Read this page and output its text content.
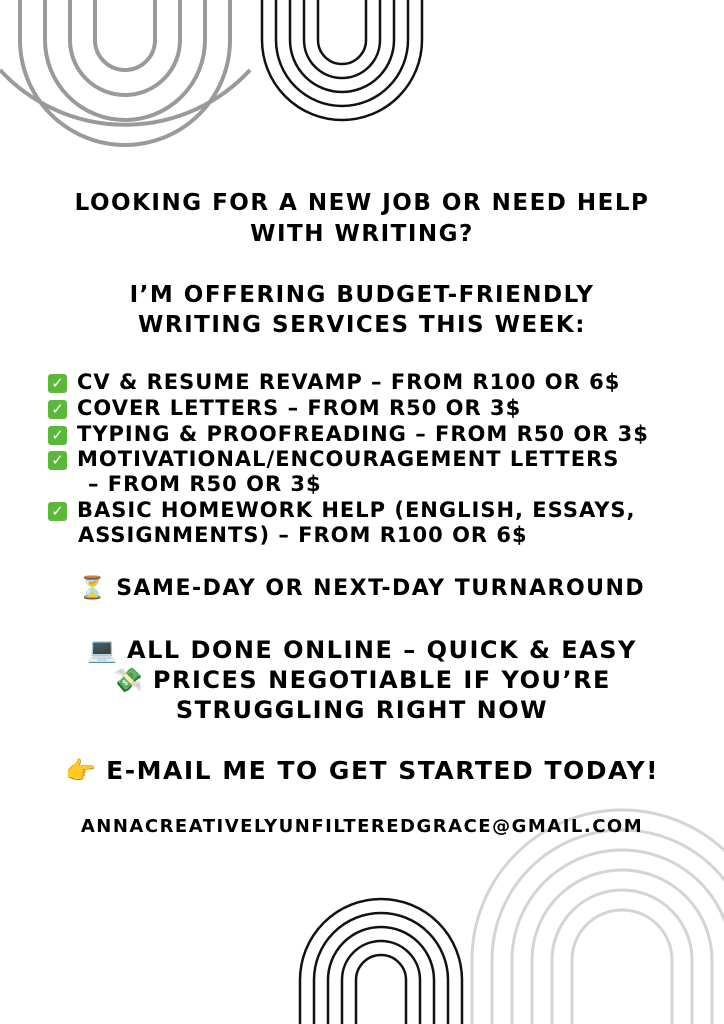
LOOKING FOR A NEW JOB OR NEED HELP
WITH WRITING?
I’M OFFERING BUDGET-FRIENDLY
WRITING SERVICES THIS WEEK:
✓ CV & RESUME REVAMP – FROM R100 OR 6$
✓ COVER LETTERS – FROM R50 OR 3$
✓ TYPING & PROOFREADING – FROM R50 OR 3$
✓ MOTIVATIONAL/ENCOURAGEMENT LETTERS
– FROM R50 OR 3$
✓ BASIC HOMEWORK HELP (ENGLISH, ESSAYS,
ASSIGNMENTS) – FROM R100 OR 6$
⏳ SAME-DAY OR NEXT-DAY TURNAROUND
💻 ALL DONE ONLINE – QUICK & EASY
💸 PRICES NEGOTIABLE IF YOU’RE
STRUGGLING RIGHT NOW
👉 E-MAIL ME TO GET STARTED TODAY!
ANNACREATIVELYUNFILTEREDGRACE@GMAIL.COM
